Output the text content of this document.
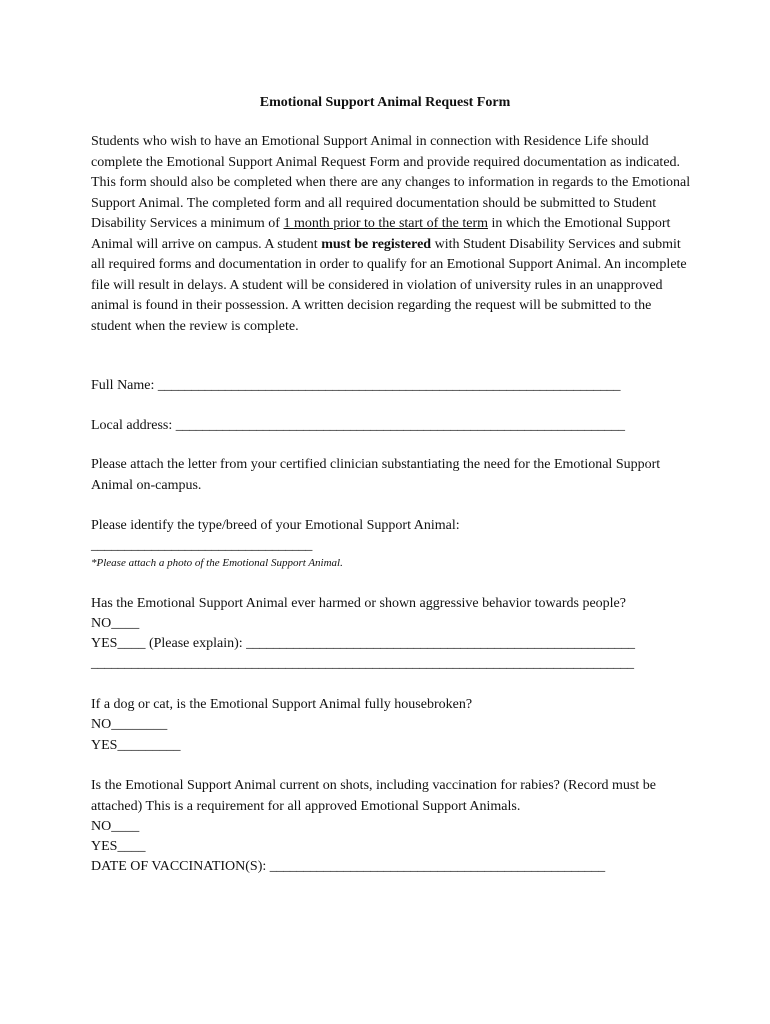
Emotional Support Animal Request Form

Students who wish to have an Emotional Support Animal in connection with Residence Life should complete the Emotional Support Animal Request Form and provide required documentation as indicated. This form should also be completed when there are any changes to information in regards to the Emotional Support Animal. The completed form and all required documentation should be submitted to Student Disability Services a minimum of 1 month prior to the start of the term in which the Emotional Support Animal will arrive on campus. A student must be registered with Student Disability Services and submit all required forms and documentation in order to qualify for an Emotional Support Animal. An incomplete file will result in delays. A student will be considered in violation of university rules in an unapproved animal is found in their possession. A written decision regarding the request will be submitted to the student when the review is complete.

Full Name: _____________________________________________________________________

Local address: ___________________________________________________________________

Please attach the letter from your certified clinician substantiating the need for the Emotional Support Animal on-campus.

Please identify the type/breed of your Emotional Support Animal:

_________________________________

*Please attach a photo of the Emotional Support Animal.

Has the Emotional Support Animal ever harmed or shown aggressive behavior towards people?

NO____

YES____ (Please explain): __________________________________________________________

_________________________________________________________________________________

If a dog or cat, is the Emotional Support Animal fully housebroken?

NO________

YES_________

Is the Emotional Support Animal current on shots, including vaccination for rabies? (Record must be attached) This is a requirement for all approved Emotional Support Animals.

NO____

YES____

DATE OF VACCINATION(S): __________________________________________________
